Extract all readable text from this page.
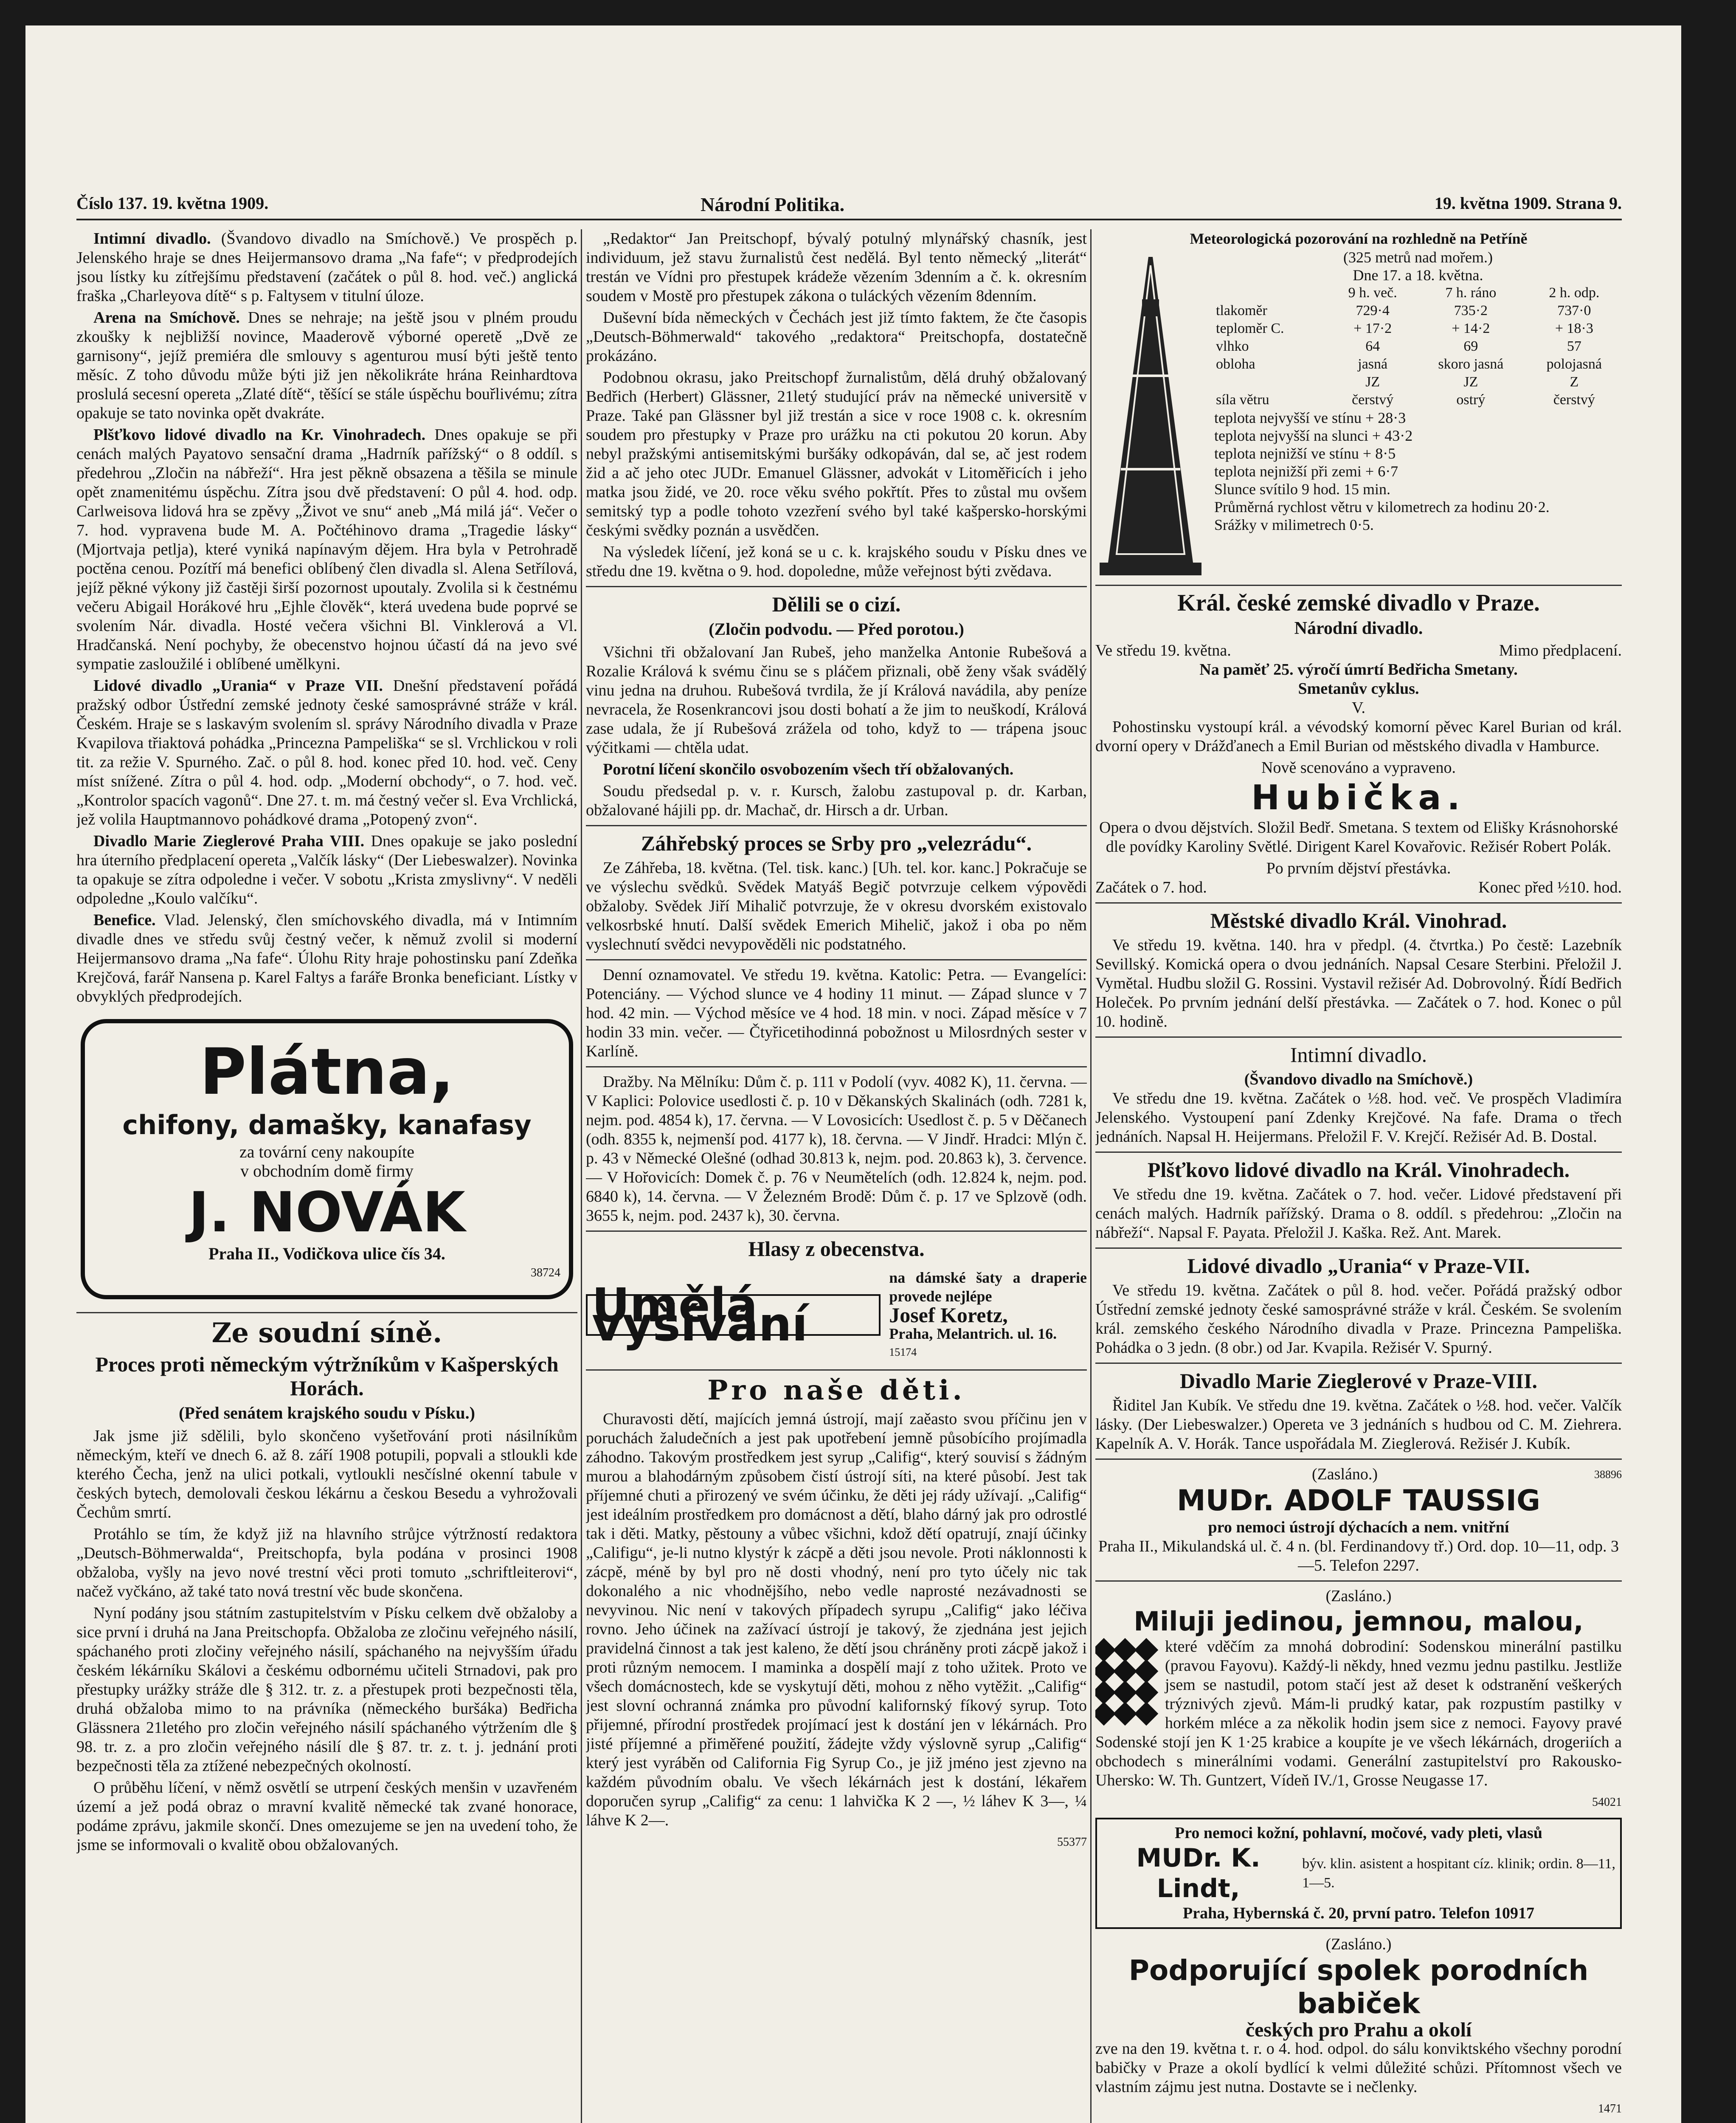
Číslo 137. 19. května 1909.	Národní Politika.	19. května 1909. Strana 9.

Intimní divadlo. (Švandovo divadlo na Smíchově.) Ve prospěch p. Jelenského hraje se dnes Heijermansovo drama „Na fafe“; v předprodejích jsou lístky ku zítřejšímu představení (začátek o půl 8. hod. več.) anglická fraška „Charleyova dítě“ s p. Faltysem v titulní úloze.

Arena na Smíchově. Dnes se nehraje; na ještě jsou v plném proudu zkoušky k nejbližší novince, Maaderově výborné operetě „Dvě ze garnisony“, jejíž premiéra dle smlouvy s agenturou musí býti ještě tento měsíc. Z toho důvodu může býti již jen několikráte hrána Reinhardtova proslulá secesní opereta „Zlaté dítě“, těšící se stále úspěchu bouřlivému; zítra opakuje se tato novinka opět dvakráte.

Plšťkovo lidové divadlo na Kr. Vinohradech. Dnes opakuje se při cenách malých Payatovo sensační drama „Hadrník pařížský“ o 8 oddíl. s předehrou „Zločin na nábřeží“. Hra jest pěkně obsazena a těšila se minule opět znamenitému úspěchu. Zítra jsou dvě představení: O půl 4. hod. odp. Carlweisova lidová hra se zpěvy „Život ve snu“ aneb „Má milá já“. Večer o 7. hod. vypravena bude M. A. Počtéhinovo drama „Tragedie lásky“ (Mjortvaja petlja), které vyniká napínavým dějem. Hra byla v Petrohradě poctěna cenou. Pozítří má benefici oblíbený člen divadla sl. Alena Setřílová, jejíž pěkné výkony již častěji širší pozornost upoutaly. Zvolila si k čestnému večeru Abigail Horákové hru „Ejhle člověk“, která uvedena bude poprvé se svolením Nár. divadla. Hosté večera všichni Bl. Vinklerová a Vl. Hradčanská. Není pochyby, že obecenstvo hojnou účastí dá na jevo své sympatie zasloužilé i oblíbené umělkyni.

Lidové divadlo „Urania“ v Praze VII. Dnešní představení pořádá pražský odbor Ústřední zemské jednoty české samosprávné stráže v král. Českém. Hraje se s laskavým svolením sl. správy Národního divadla v Praze Kvapilova třiaktová pohádka „Princezna Pampeliška“ se sl. Vrchlickou v roli tit. za režie V. Spurného. Zač. o půl 8. hod. konec před 10. hod. več. Ceny míst snížené. Zítra o půl 4. hod. odp. „Moderní obchody“, o 7. hod. več. „Kontrolor spacích vagonů“. Dne 27. t. m. má čestný večer sl. Eva Vrchlická, jež volila Hauptmannovo pohádkové drama „Potopený zvon“.

Divadlo Marie Zieglerové Praha VIII. Dnes opakuje se jako poslední hra úterního předplacení opereta „Valčík lásky“ (Der Liebeswalzer). Novinka ta opakuje se zítra odpoledne i večer. V sobotu „Krista zmyslivny“. V neděli odpoledne „Koulo valčíku“.

Benefice. Vlad. Jelenský, člen smíchovského divadla, má v Intimním divadle dnes ve středu svůj čestný večer, k němuž zvolil si moderní Heijermansovo drama „Na fafe“. Úlohu Rity hraje pohostinsku paní Zdeňka Krejčová, farář Nansena p. Karel Faltys a faráře Bronka beneficiant. Lístky v obvyklých předprodejích.

Plátna,
chifony, damašky, kanafasy
za tovární ceny nakoupíte
v obchodním domě firmy
J. NOVÁK
Praha II., Vodičkova ulice čís 34.
38724
Ze soudní síně.
Proces proti německým výtržníkům v Kašperských Horách.
(Před senátem krajského soudu v Písku.)

Jak jsme již sdělili, bylo skončeno vyšetřování proti násilníkům německým, kteří ve dnech 6. až 8. září 1908 potupili, popvali a stloukli kde kterého Čecha, jenž na ulici potkali, vytloukli nesčíslné okenní tabule v českých bytech, demolovali českou lékárnu a českou Besedu a vyhrožovali Čechům smrtí.

Protáhlo se tím, že když již na hlavního strůjce výtržností redaktora „Deutsch-Böhmerwalda“, Preitschopfa, byla podána v prosinci 1908 obžaloba, vyšly na jevo nové trestní věci proti tomuto „schriftleiterovi“, načež vyčkáno, až také tato nová trestní věc bude skončena.

Nyní podány jsou státním zastupitelstvím v Písku celkem dvě obžaloby a sice první i druhá na Jana Preitschopfa. Obžaloba ze zločinu veřejného násilí, spáchaného proti zločiny veřejného násilí, spáchaného na nejvyšším úřadu českém lékárníku Skálovi a českému odbornému učiteli Strnadovi, pak pro přestupky urážky stráže dle § 312. tr. z. a přestupek proti bezpečnosti těla, druhá obžaloba mimo to na právníka (německého buršáka) Bedřicha Glässnera 21letého pro zločin veřejného násilí spáchaného výtržením dle § 98. tr. z. a pro zločin veřejného násilí dle § 87. tr. z. t. j. jednání proti bezpečnosti těla za ztížené nebezpečných okolností.

O průběhu líčení, v němž osvětlí se utrpení českých menšin v uzavřeném území a jež podá obraz o mravní kvalitě německé tak zvané honorace, podáme zprávu, jakmile skončí. Dnes omezujeme se jen na uvedení toho, že jsme se informovali o kvalitě obou obžalovaných.

„Redaktor“ Jan Preitschopf, bývalý potulný mlynářský chasník, jest individuum, jež stavu žurnalistů čest nedělá. Byl tento německý „literát“ trestán ve Vídni pro přestupek krádeže vězením 3denním a č. k. okresním soudem v Mostě pro přestupek zákona o tuláckých vězením 8denním.

Duševní bída německých v Čechách jest již tímto faktem, že čte časopis „Deutsch-Böhmerwald“ takového „redaktora“ Preitschopfa, dostatečně prokázáno.

Podobnou okrasu, jako Preitschopf žurnalistům, dělá druhý obžalovaný Bedřich (Herbert) Glässner, 21letý studující práv na německé universitě v Praze. Také pan Glässner byl již trestán a sice v roce 1908 c. k. okresním soudem pro přestupky v Praze pro urážku na cti pokutou 20 korun. Aby nebyl pražskými antisemitskými buršáky odkopáván, dal se, ač jest rodem žid a ač jeho otec JUDr. Emanuel Glässner, advokát v Litoměřicích i jeho matka jsou židé, ve 20. roce věku svého pokřtít. Přes to zůstal mu ovšem semitský typ a podle tohoto vzezření svého byl také kašpersko-horskými českými svědky poznán a usvědčen.

Na výsledek líčení, jež koná se u c. k. krajského soudu v Písku dnes ve středu dne 19. května o 9. hod. dopoledne, může veřejnost býti zvědava.

Dělili se o cizí.
(Zločin podvodu. — Před porotou.)

Všichni tři obžalovaní Jan Rubeš, jeho manželka Antonie Rubešová a Rozalie Králová k svému činu se s pláčem přiznali, obě ženy však svádělý vinu jedna na druhou. Rubešová tvrdila, že jí Králová navádila, aby peníze nevracela, že Rosenkrancovi jsou dosti bohatí a že jim to neuškodí, Králová zase udala, že jí Rubešová zrážela od toho, když to — trápena jsouc výčitkami — chtěla udat.

Porotní líčení skončilo osvobozením všech tří obžalovaných.

Soudu předsedal p. v. r. Kursch, žalobu zastupoval p. dr. Karban, obžalované hájili pp. dr. Machač, dr. Hirsch a dr. Urban.

Záhřebský proces se Srby pro „velezrádu“.

Ze Záhřeba, 18. května. (Tel. tisk. kanc.) [Uh. tel. kor. kanc.] Pokračuje se ve výslechu svědků. Svědek Matyáš Begič potvrzuje celkem výpovědi obžaloby. Svědek Jiří Mihalič potvrzuje, že v okresu dvorském existovalo velkosrbské hnutí. Další svědek Emerich Mihelič, jakož i oba po něm vyslechnutí svědci nevypověděli nic podstatného.

Denní oznamovatel. Ve středu 19. května. Katolic: Petra. — Evangelíci: Potenciány. — Východ slunce ve 4 hodiny 11 minut. — Západ slunce v 7 hod. 42 min. — Východ měsíce ve 4 hod. 18 min. v noci. Západ měsíce v 7 hodin 33 min. večer. — Čtyřicetihodinná pobožnost u Milosrdných sester v Karlíně.

Dražby. Na Mělníku: Dům č. p. 111 v Podolí (vyv. 4082 K), 11. června. — V Kaplici: Polovice usedlosti č. p. 10 v Děkanských Skalinách (odh. 7281 k, nejm. pod. 4854 k), 17. června. — V Lovosicích: Usedlost č. p. 5 v Děčanech (odh. 8355 k, nejmenší pod. 4177 k), 18. června. — V Jindř. Hradci: Mlýn č. p. 43 v Německé Olešné (odhad 30.813 k, nejm. pod. 20.863 k), 3. července. — V Hořovicích: Domek č. p. 76 v Neumětelích (odh. 12.824 k, nejm. pod. 6840 k), 14. června. — V Železném Brodě: Dům č. p. 17 ve Splzově (odh. 3655 k, nejm. pod. 2437 k), 30. června.

Hlasy z obecenstva.
Umělá vyšívání
na dámské šaty a draperie provede nejlépe
Josef Koretz,
Praha, Melantrich. ul. 16.
15174
Pro naše děti.

Churavosti dětí, majících jemná ústrojí, mají zaěasto svou příčinu jen v poruchách žaludečních a jest pak upotřebení jemně působícího projímadla záhodno. Takovým prostředkem jest syrup „Califig“, který souvisí s žádným murou a blahodárným způsobem čistí ústrojí síti, na které působí. Jest tak příjemné chuti a přirozený ve svém účinku, že děti jej rády užívají. „Califig“ jest ideálním prostředkem pro domácnost a dětí, blaho dárný jak pro odrostlé tak i děti. Matky, pěstouny a vůbec všichni, kdož dětí opatrují, znají účinky „Califigu“, je-li nutno klystýr k zácpě a děti jsou nevole. Proti náklonnosti k zácpě, méně by byl pro ně dosti vhodný, není pro tyto účely nic tak dokonalého a nic vhodnějšího, nebo vedle naprosté nezávadnosti se nevyvinou. Nic není v takových případech syrupu „Califig“ jako léčiva rovno. Jeho účinek na zažívací ústrojí je takový, že zjednána jest jejich pravidelná činnost a tak jest kaleno, že dětí jsou chráněny proti zácpě jakož i proti různým nemocem. I maminka a dospělí mají z toho užitek. Proto ve všech domácnostech, kde se vyskytují děti, mohou z něho vytěžit. „Califig“ jest slovní ochranná známka pro původní kalifornský fíkový syrup. Toto přijemné, přírodní prostředek projímací jest k dostání jen v lékárnách. Pro jisté příjemné a přiměřené použití, žádejte vždy výslovně syrup „Califig“ který jest vyráběn od California Fig Syrup Co., je již jméno jest zjevno na každém původním obalu. Ve všech lékárnách jest k dostání, lékařem doporučen syrup „Califig“ za cenu: 1 lahvička K 2 —, ½ láhev K 3—, ¼ láhve K 2—.

55377
Meteorologická pozorování na rozhledně na Petříně
(325 metrů nad mořem.)
Dne 17. a 18. května.
	9 h. več.	7 h. ráno	2 h. odp.
tlakoměr	729·4	735·2	737·0
teploměr C.	+ 17·2	+ 14·2	+ 18·3
vlhko	64	69	57
obloha	jasná	skoro jasná	polojasná
	JZ	JZ	Z
síla větru	čerstvý	ostrý	čerstvý
teplota nejvyšší ve stínu + 28·3
teplota nejvyšší na slunci + 43·2
teplota nejnižší ve stínu + 8·5
teplota nejnižší při zemi + 6·7
Slunce svítilo 9 hod. 15 min.
Průměrná rychlost větru v kilometrech za hodinu 20·2.
Srážky v milimetrech 0·5.
Král. české zemské divadlo v Praze.
Národní divadlo.
Ve středu 19. května.	Mimo předplacení.
Na paměť 25. výročí úmrtí Bedřicha Smetany.
Smetanův cyklus.
V.

Pohostinsku vystoupí král. a vévodský komorní pěvec Karel Burian od král. dvorní opery v Drážďanech a Emil Burian od městského divadla v Hamburce.

Nově scenováno a vypraveno.
Hubička.

Opera o dvou dějstvích. Složil Bedř. Smetana. S textem od Elišky Krásnohorské dle povídky Karoliny Světlé. Dirigent Karel Kovařovic. Režisér Robert Polák.

Po prvním dějství přestávka.
Začátek o 7. hod.	Konec před ½10. hod.
Městské divadlo Král. Vinohrad.

Ve středu 19. května. 140. hra v předpl. (4. čtvrtka.) Po čestě: Lazebník Sevillský. Komická opera o dvou jednáních. Napsal Cesare Sterbini. Přeložil J. Vymětal. Hudbu složil G. Rossini. Vystavil režisér Ad. Dobrovolný. Řídí Bedřich Holeček. Po prvním jednání delší přestávka. — Začátek o 7. hod. Konec o půl 10. hodině.

Intimní divadlo.
(Švandovo divadlo na Smíchově.)

Ve středu dne 19. května. Začátek o ½8. hod. več. Ve prospěch Vladimíra Jelenského. Vystoupení paní Zdenky Krejčové. Na fafe. Drama o třech jednáních. Napsal H. Heijermans. Přeložil F. V. Krejčí. Režisér Ad. B. Dostal.

Plšťkovo lidové divadlo na Král. Vinohradech.

Ve středu dne 19. května. Začátek o 7. hod. večer. Lidové představení při cenách malých. Hadrník pařížský. Drama o 8. oddíl. s předehrou: „Zločin na nábřeží“. Napsal F. Payata. Přeložil J. Kaška. Rež. Ant. Marek.

Lidové divadlo „Urania“ v Praze-VII.

Ve středu 19. května. Začátek o půl 8. hod. večer. Pořádá pražský odbor Ústřední zemské jednoty české samosprávné stráže v král. Českém. Se svolením král. zemského českého Národního divadla v Praze. Princezna Pampeliška. Pohádka o 3 jedn. (8 obr.) od Jar. Kvapila. Režisér V. Spurný.

Divadlo Marie Zieglerové v Praze-VIII.

Řiditel Jan Kubík. Ve středu dne 19. května. Začátek o ½8. hod. večer. Valčík lásky. (Der Liebeswalzer.) Opereta ve 3 jednáních s hudbou od C. M. Ziehrera. Kapelník A. V. Horák. Tance uspořádala M. Zieglerová. Režisér J. Kubík.

(Zasláno.)	38896
MUDr. ADOLF TAUSSIG
pro nemoci ústrojí dýchacích a nem. vnitřní
Praha II., Mikulandská ul. č. 4 n. (bl. Ferdinandovy tř.) Ord. dop. 10—11, odp. 3—5. Telefon 2297.
(Zasláno.)
Miluji jedinou, jemnou, malou,

které vděčím za mnohá dobrodiní: Sodenskou minerální pastilku (pravou Fayovu). Každý-li někdy, hned vezmu jednu pastilku. Jestliže jsem se nastudil, potom stačí jest až deset k odstranění veškerých trýznivých zjevů. Mám-li prudký katar, pak rozpustím pastilky v horkém mléce a za několik hodin jsem sice z nemoci. Fayovy pravé Sodenské stojí jen K 1·25 krabice a koupíte je ve všech lékárnách, drogeriích a obchodech s minerálními vodami. Generální zastupitelství pro Rakousko-Uhersko: W. Th. Guntzert, Vídeň IV./1, Grosse Neugasse 17.

54021
Pro nemoci kožní, pohlavní, močové, vady pleti, vlasů
MUDr. K. Lindt,
býv. klin. asistent a hospitant cíz. klinik; ordin. 8—11, 1—5.
Praha, Hybernská č. 20, první patro. Telefon 10917
(Zasláno.)
Podporující spolek porodních babiček
českých pro Prahu a okolí

zve na den 19. května t. r. o 4. hod. odpol. do sálu konviktského všechny porodní babičky v Praze a okolí bydlící k velmi důležité schůzi. Přítomnost všech ve vlastním zájmu jest nutna. Dostavte se i nečlenky.

1471
